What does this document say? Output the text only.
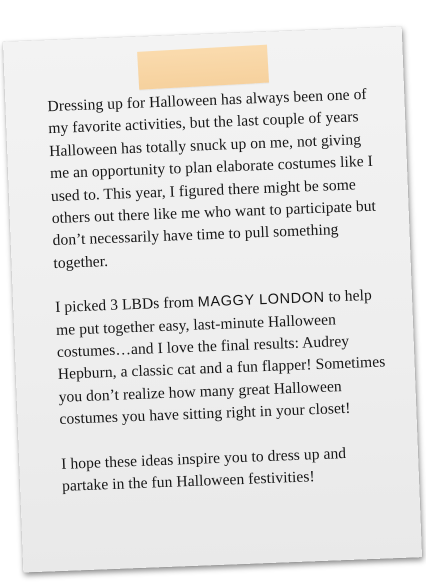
Dressing up for Halloween has always been one of my favorite activities, but the last couple of years Halloween has totally snuck up on me, not giving me an opportunity to plan elaborate costumes like I used to. This year, I figured there might be some others out there like me who want to participate but don’t necessarily have time to pull something together.

I picked 3 LBDs from MAGGY LONDON to help me put together easy, last-minute Halloween costumes…and I love the final results: Audrey Hepburn, a classic cat and a fun flapper! Sometimes you don’t realize how many great Halloween costumes you have sitting right in your closet!

I hope these ideas inspire you to dress up and partake in the fun Halloween festivities!
